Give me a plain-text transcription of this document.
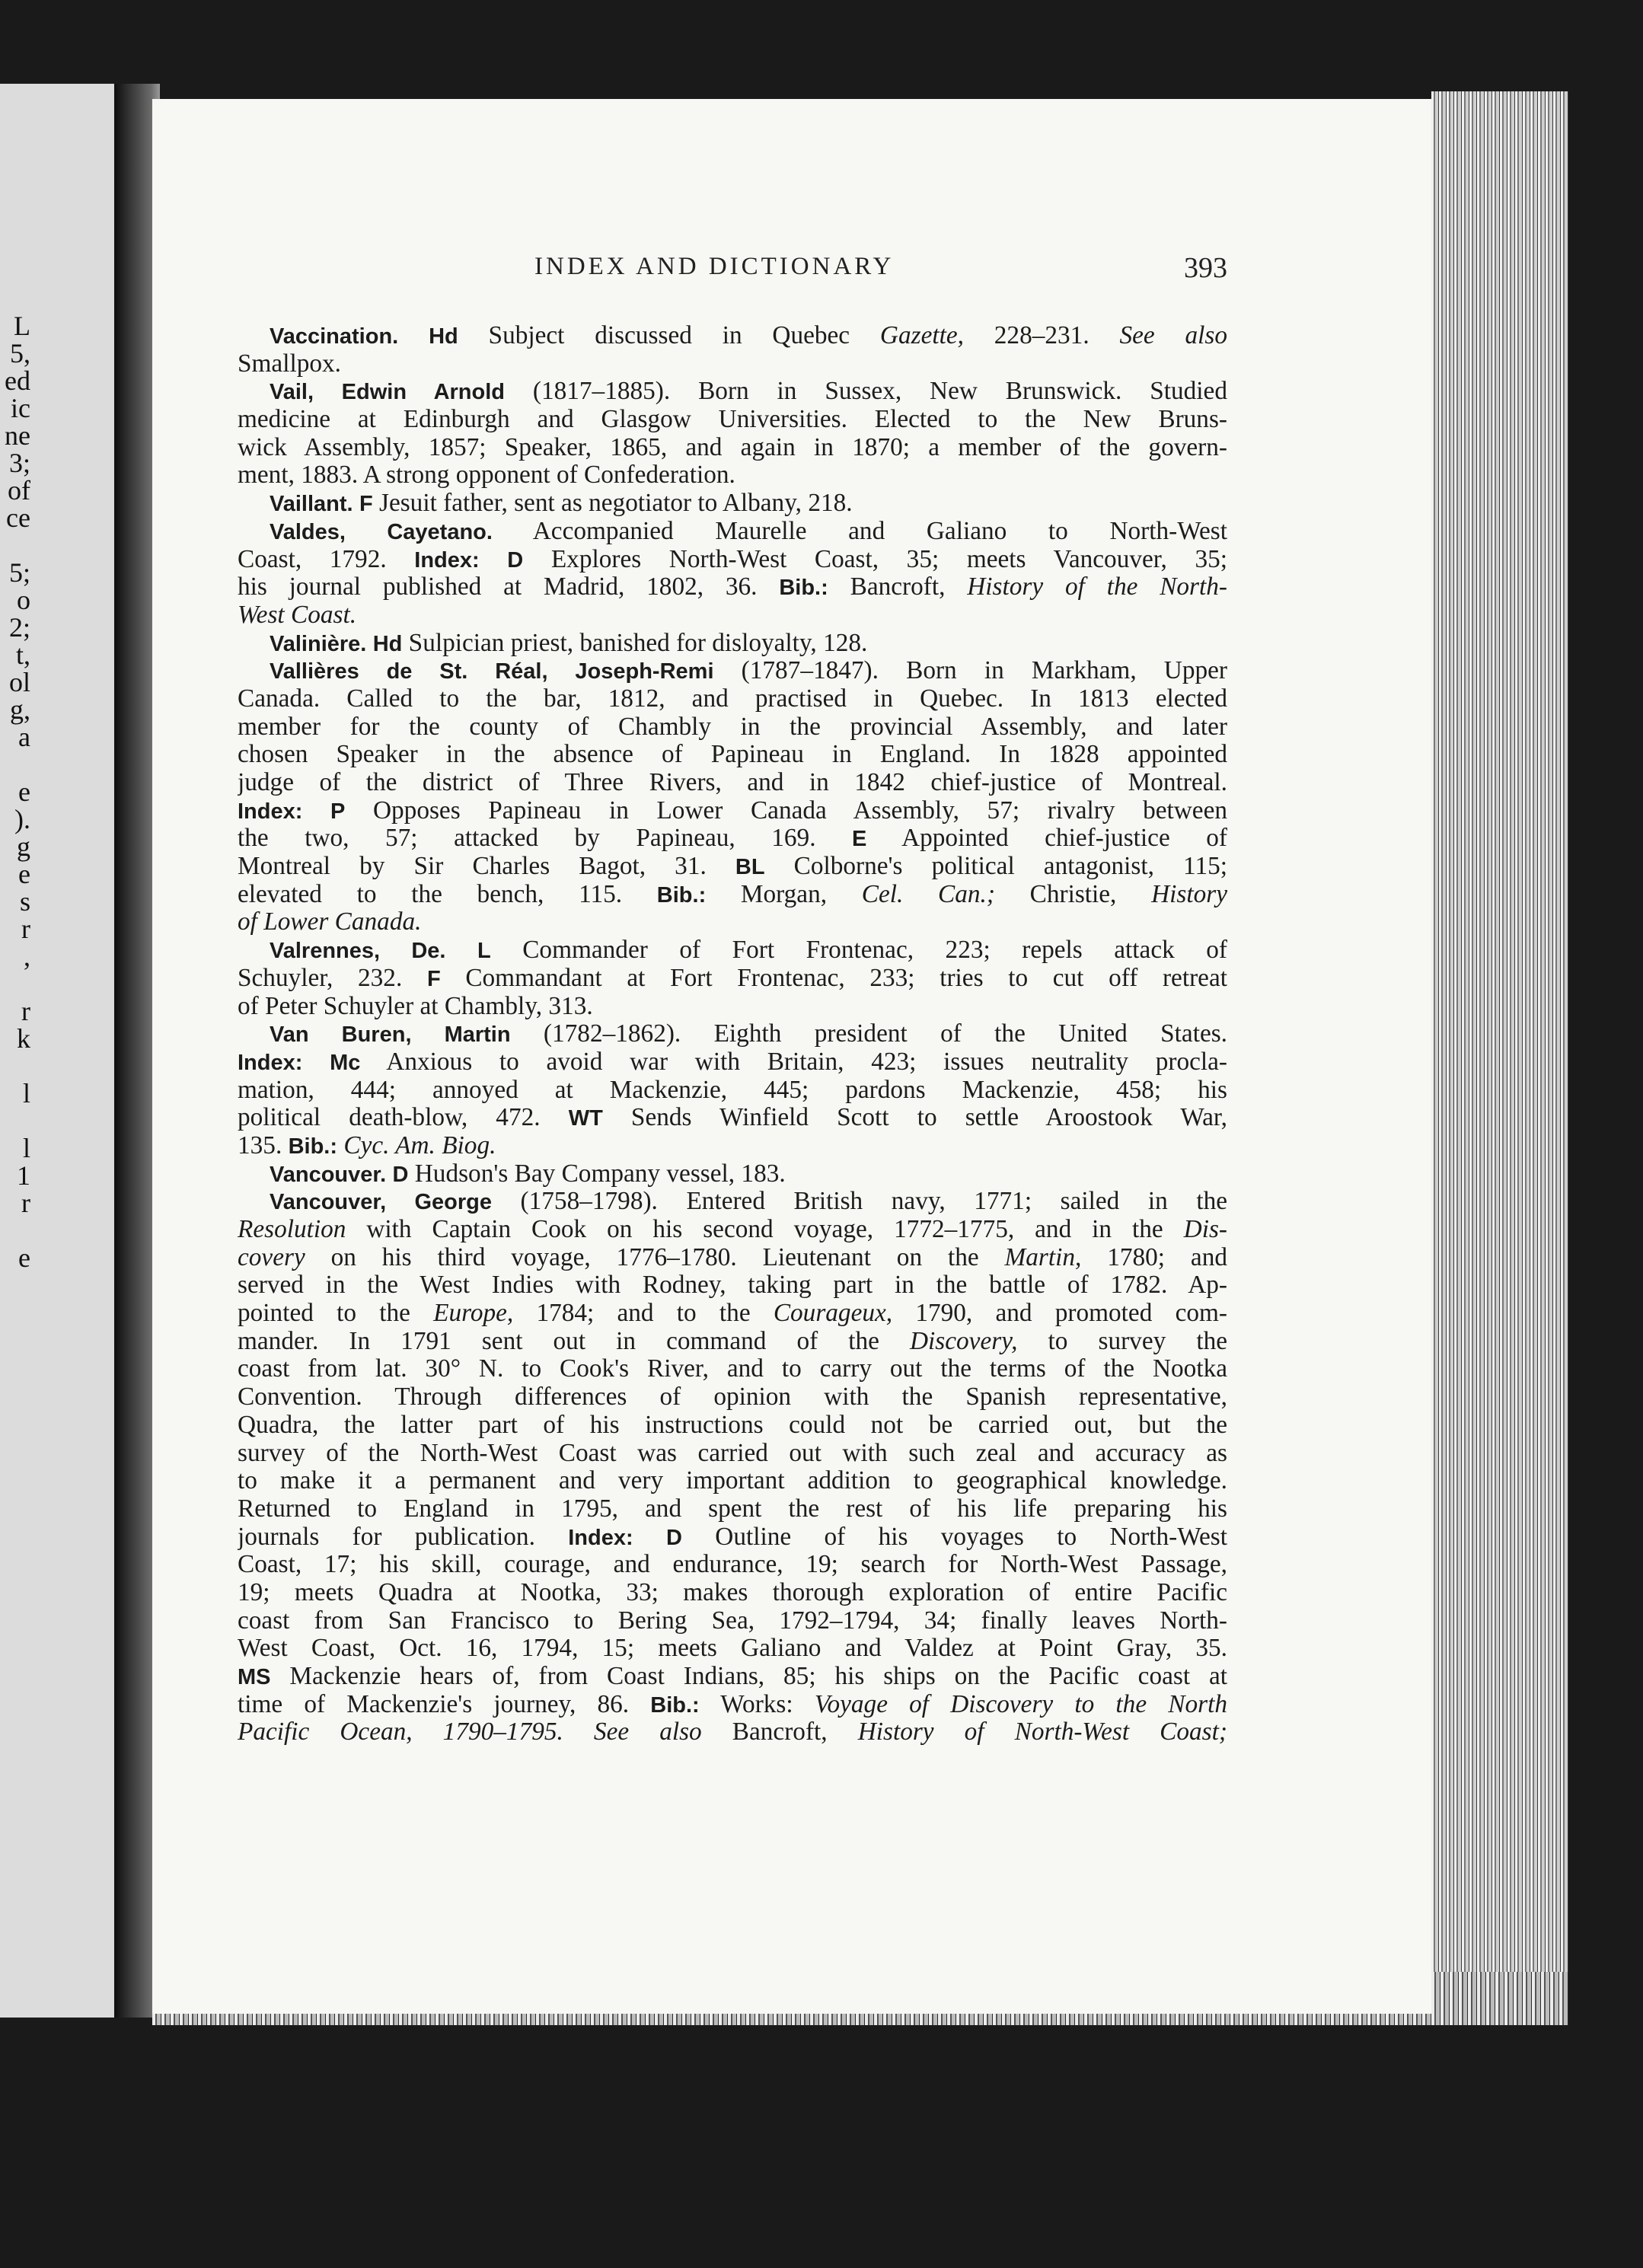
L
5,
ed
ic
ne
3;
of
ce
5;
o
2;
t,
ol
g,
a
e
).
g
e
s
r
,
r
k
l
l
1
r
e
INDEX AND DICTIONARY	393
Vaccination. Hd Subject discussed in Quebec Gazette, 228–231. See also
Smallpox.
Vail, Edwin Arnold (1817–1885). Born in Sussex, New Brunswick. Studied
medicine at Edinburgh and Glasgow Universities. Elected to the New Bruns-
wick Assembly, 1857; Speaker, 1865, and again in 1870; a member of the govern-
ment, 1883. A strong opponent of Confederation.
Vaillant. F Jesuit father, sent as negotiator to Albany, 218.
Valdes, Cayetano. Accompanied Maurelle and Galiano to North-West
Coast, 1792. Index: D Explores North-West Coast, 35; meets Vancouver, 35;
his journal published at Madrid, 1802, 36. Bib.: Bancroft, History of the North-
West Coast.
Valinière. Hd Sulpician priest, banished for disloyalty, 128.
Vallières de St. Réal, Joseph-Remi (1787–1847). Born in Markham, Upper
Canada. Called to the bar, 1812, and practised in Quebec. In 1813 elected
member for the county of Chambly in the provincial Assembly, and later
chosen Speaker in the absence of Papineau in England. In 1828 appointed
judge of the district of Three Rivers, and in 1842 chief-justice of Montreal.
Index: P Opposes Papineau in Lower Canada Assembly, 57; rivalry between
the two, 57; attacked by Papineau, 169. E Appointed chief-justice of
Montreal by Sir Charles Bagot, 31. BL Colborne's political antagonist, 115;
elevated to the bench, 115. Bib.: Morgan, Cel. Can.; Christie, History
of Lower Canada.
Valrennes, De. L Commander of Fort Frontenac, 223; repels attack of
Schuyler, 232. F Commandant at Fort Frontenac, 233; tries to cut off retreat
of Peter Schuyler at Chambly, 313.
Van Buren, Martin (1782–1862). Eighth president of the United States.
Index: Mc Anxious to avoid war with Britain, 423; issues neutrality procla-
mation, 444; annoyed at Mackenzie, 445; pardons Mackenzie, 458; his
political death-blow, 472. WT Sends Winfield Scott to settle Aroostook War,
135. Bib.: Cyc. Am. Biog.
Vancouver. D Hudson's Bay Company vessel, 183.
Vancouver, George (1758–1798). Entered British navy, 1771; sailed in the
Resolution with Captain Cook on his second voyage, 1772–1775, and in the Dis-
covery on his third voyage, 1776–1780. Lieutenant on the Martin, 1780; and
served in the West Indies with Rodney, taking part in the battle of 1782. Ap-
pointed to the Europe, 1784; and to the Courageux, 1790, and promoted com-
mander. In 1791 sent out in command of the Discovery, to survey the
coast from lat. 30° N. to Cook's River, and to carry out the terms of the Nootka
Convention. Through differences of opinion with the Spanish representative,
Quadra, the latter part of his instructions could not be carried out, but the
survey of the North-West Coast was carried out with such zeal and accuracy as
to make it a permanent and very important addition to geographical knowledge.
Returned to England in 1795, and spent the rest of his life preparing his
journals for publication. Index: D Outline of his voyages to North-West
Coast, 17; his skill, courage, and endurance, 19; search for North-West Passage,
19; meets Quadra at Nootka, 33; makes thorough exploration of entire Pacific
coast from San Francisco to Bering Sea, 1792–1794, 34; finally leaves North-
West Coast, Oct. 16, 1794, 15; meets Galiano and Valdez at Point Gray, 35.
MS Mackenzie hears of, from Coast Indians, 85; his ships on the Pacific coast at
time of Mackenzie's journey, 86. Bib.: Works: Voyage of Discovery to the North
Pacific Ocean, 1790–1795. See also Bancroft, History of North-West Coast;
